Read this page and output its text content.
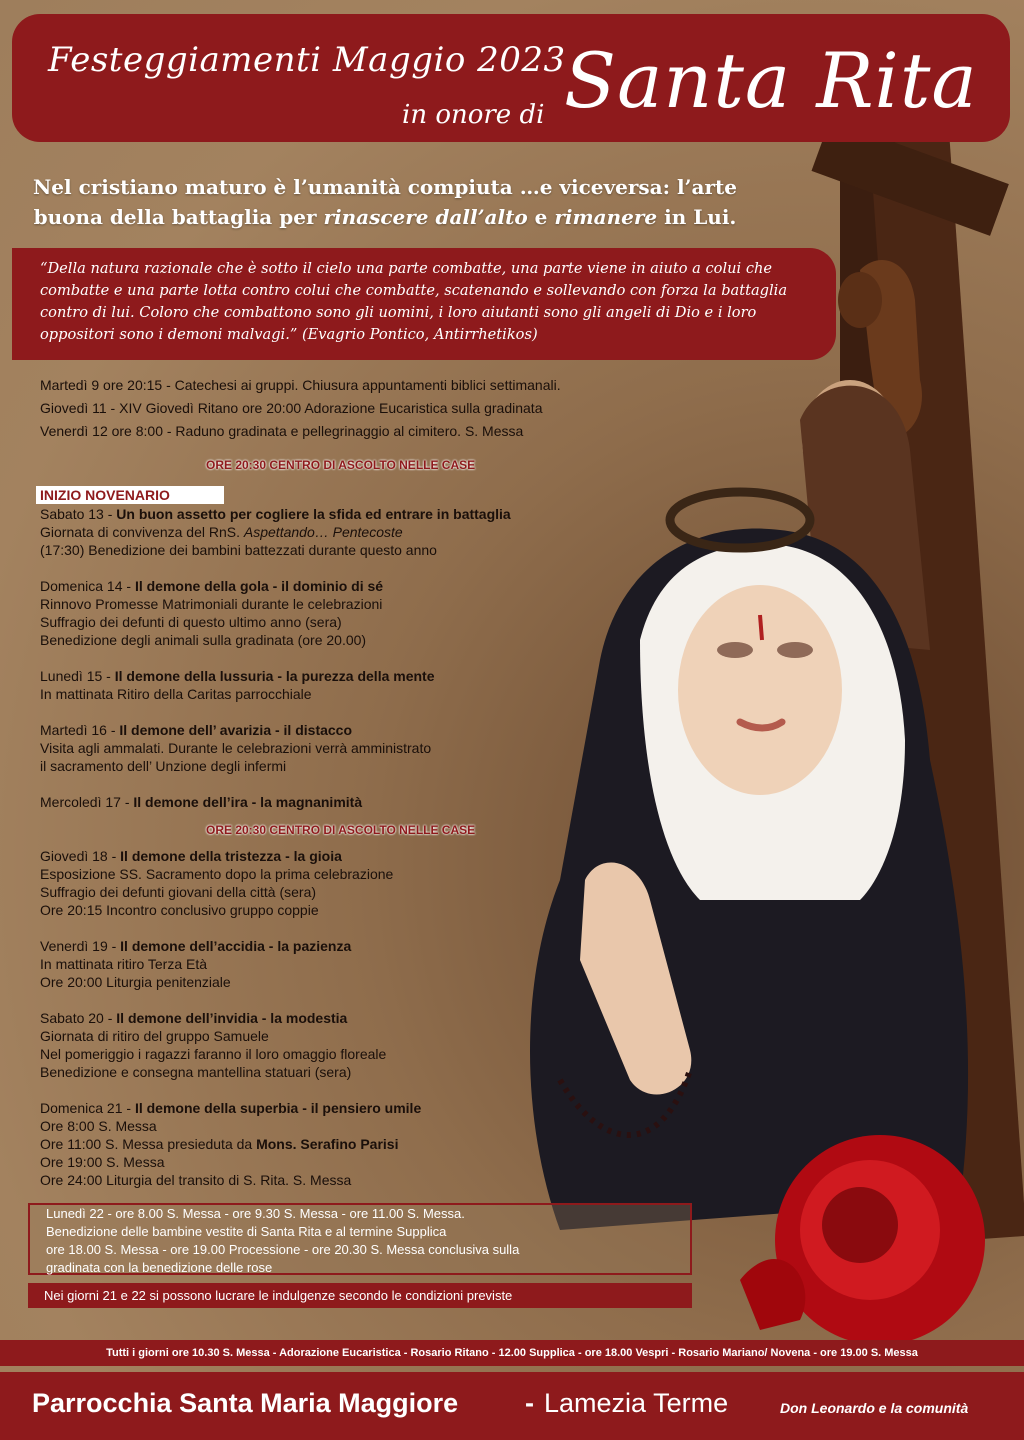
Festeggiamenti Maggio 2023

in onore di Santa Rita

Nel cristiano maturo è l’umanità compiuta …e viceversa: l’arte
buona della battaglia per rinascere dall’alto e rimanere in Lui.

“Della natura razionale che è sotto il cielo una parte combatte, una parte viene in aiuto a colui che combatte e una parte lotta contro colui che combatte, scatenando e sollevando con forza la battaglia contro di lui. Coloro che combattono sono gli uomini, i loro aiutanti sono gli angeli di Dio e i loro oppositori sono i demoni malvagi.” (Evagrio Pontico, Antirrhetikos)

Martedì 9 ore 20:15 - Catechesi ai gruppi. Chiusura appuntamenti biblici settimanali.
Giovedì 11 - XIV Giovedì Ritano ore 20:00 Adorazione Eucaristica sulla gradinata
Venerdì 12 ore 8:00 - Raduno gradinata e pellegrinaggio al cimitero. S. Messa
ORE 20:30 CENTRO DI ASCOLTO NELLE CASE
INIZIO NOVENARIO
Sabato 13 - Un buon assetto per cogliere la sfida ed entrare in battaglia
Giornata di convivenza del RnS. Aspettando… Pentecoste
(17:30) Benedizione dei bambini battezzati durante questo anno
Domenica 14 - Il demone della gola - il dominio di sé
Rinnovo Promesse Matrimoniali durante le celebrazioni
Suffragio dei defunti di questo ultimo anno (sera)
Benedizione degli animali sulla gradinata (ore 20.00)
Lunedì 15 - Il demone della lussuria - la purezza della mente
In mattinata Ritiro della Caritas parrocchiale
Martedì 16 - Il demone dell’ avarizia - il distacco
Visita agli ammalati. Durante le celebrazioni verrà amministrato
il sacramento dell’ Unzione degli infermi
Mercoledì 17 - Il demone dell’ira - la magnanimità
ORE 20:30 CENTRO DI ASCOLTO NELLE CASE
Giovedì 18 - Il demone della tristezza - la gioia
Esposizione SS. Sacramento dopo la prima celebrazione
Suffragio dei defunti giovani della città (sera)
Ore 20:15 Incontro conclusivo gruppo coppie
Venerdì 19 - Il demone dell’accidia - la pazienza
In mattinata ritiro Terza Età
Ore 20:00 Liturgia penitenziale
Sabato 20 - Il demone dell’invidia - la modestia
Giornata di ritiro del gruppo Samuele
Nel pomeriggio i ragazzi faranno il loro omaggio floreale
Benedizione e consegna mantellina statuari (sera)
Domenica 21 - Il demone della superbia - il pensiero umile
Ore 8:00 S. Messa
Ore 11:00 S. Messa presieduta da Mons. Serafino Parisi
Ore 19:00 S. Messa
Ore 24:00 Liturgia del transito di S. Rita. S. Messa

Lunedì 22 - ore 8.00 S. Messa - ore 9.30 S. Messa - ore 11.00 S. Messa.

Benedizione delle bambine vestite di Santa Rita e al termine Supplica

ore 18.00 S. Messa - ore 19.00 Processione - ore 20.30 S. Messa conclusiva sulla

gradinata con la benedizione delle rose

Nei giorni 21 e 22 si possono lucrare le indulgenze secondo le condizioni previste
Tutti i giorni ore 10.30 S. Messa - Adorazione Eucaristica - Rosario Ritano - 12.00 Supplica - ore 18.00 Vespri - Rosario Mariano/ Novena - ore 19.00 S. Messa
Parrocchia Santa Maria Maggiore - Lamezia Terme	Don Leonardo e la comunità
